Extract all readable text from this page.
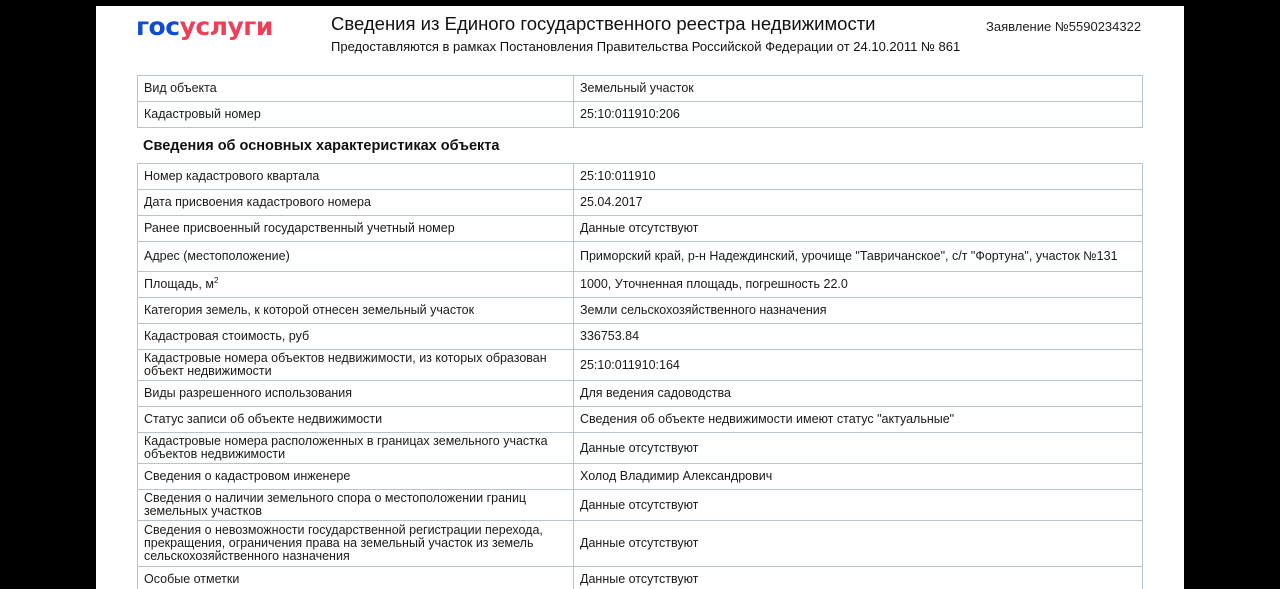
госуслуги	Сведения из Единого государственного реестра недвижимости
Предоставляются в рамках Постановления Правительства Российской Федерации от 24.10.2011 № 861
Заявление №5590234322
Вид объекта	Земельный участок
Кадастровый номер	25:10:011910:206
Сведения об основных характеристиках объекта
Номер кадастрового квартала	25:10:011910
Дата присвоения кадастрового номера	25.04.2017
Ранее присвоенный государственный учетный номер	Данные отсутствуют
Адрес (местоположение)	Приморский край, р-н Надеждинский, урочище "Тавричанское", с/т "Фортуна", участок №131
Площадь, $м^2$	1000, Уточненная площадь, погрешность 22.0
Категория земель, к которой отнесен земельный участок	Земли сельскохозяйственного назначения
Кадастровая стоимость, руб	336753.84
Кадастровые номера объектов недвижимости, из которых образован объект недвижимости	25:10:011910:164
Виды разрешенного использования	Для ведения садоводства
Статус записи об объекте недвижимости	Сведения об объекте недвижимости имеют статус "актуальные"
Кадастровые номера расположенных в границах земельного участка объектов недвижимости	Данные отсутствуют
Сведения о кадастровом инженере	Холод Владимир Александрович
Сведения о наличии земельного спора о местоположении границ земельных участков	Данные отсутствуют
Сведения о невозможности государственной регистрации перехода, прекращения, ограничения права на земельный участок из земель сельскохозяйственного назначения	Данные отсутствуют
Особые отметки	Данные отсутствуют
